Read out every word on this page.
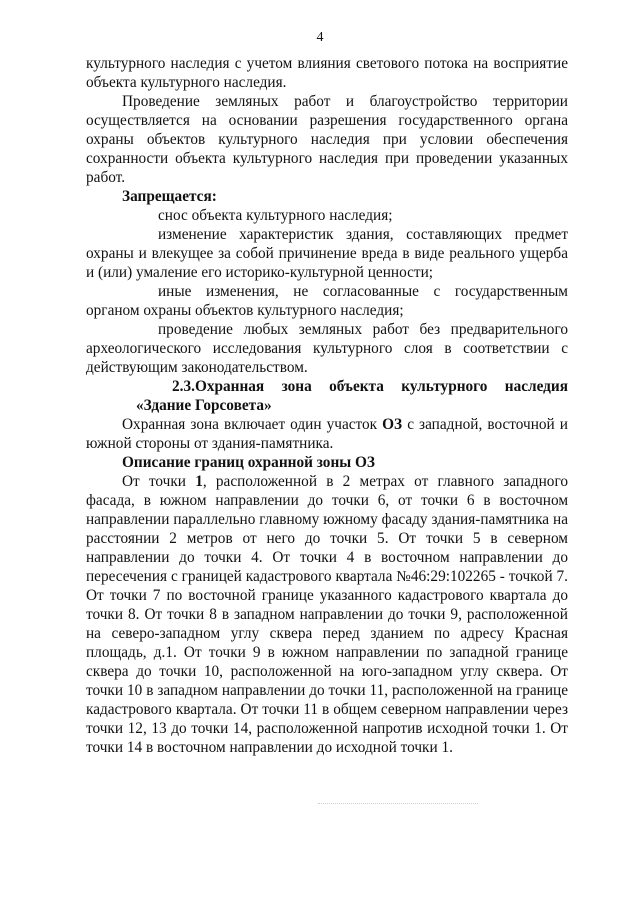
4

культурного наследия с учетом влияния светового потока на восприятие объекта культурного наследия.

Проведение земляных работ и благоустройство территории осуществляется на основании разрешения государственного органа охраны объектов культурного наследия при условии обеспечения сохранности объекта культурного наследия при проведении указанных работ.

Запрещается:

снос объекта культурного наследия;

изменение характеристик здания, составляющих предмет охраны и влекущее за собой причинение вреда в виде реального ущерба и (или) умаление его историко-культурной ценности;

иные изменения, не согласованные с государственным органом охраны объектов культурного наследия;

проведение любых земляных работ без предварительного археологического исследования культурного слоя в соответствии с действующим законодательством.

2.3.Охранная зона объекта культурного наследия «Здание Горсовета»

Охранная зона включает один участок ОЗ с западной, восточной и южной стороны от здания-памятника.

Описание границ охранной зоны ОЗ

От точки 1, расположенной в 2 метрах от главного западного фасада, в южном направлении до точки 6, от точки 6 в восточном направлении параллельно главному южному фасаду здания-памятника на расстоянии 2 метров от него до точки 5. От точки 5 в северном направлении до точки 4. От точки 4 в восточном направлении до пересечения с границей кадастрового квартала №46:29:102265 - точкой 7. От точки 7 по восточной границе указанного кадастрового квартала до точки 8. От точки 8 в западном направлении до точки 9, расположенной на северо-западном углу сквера перед зданием по адресу Красная площадь, д.1. От точки 9 в южном направлении по западной границе сквера до точки 10, расположенной на юго-западном углу сквера. От точки 10 в западном направлении до точки 11, расположенной на границе кадастрового квартала. От точки 11 в общем северном направлении через точки 12, 13 до точки 14, расположенной напротив исходной точки 1. От точки 14 в восточном направлении до исходной точки 1.
